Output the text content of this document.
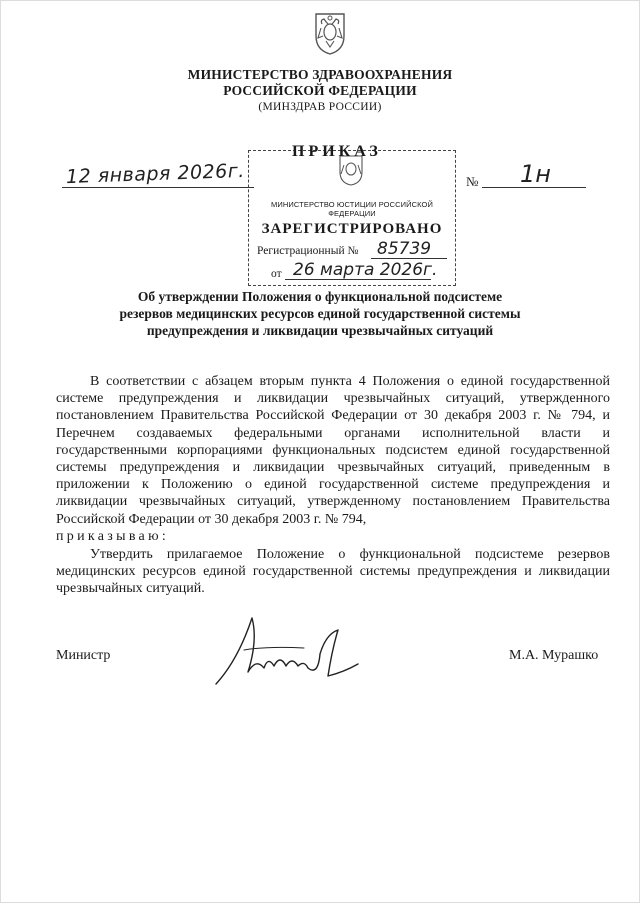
МИНИСТЕРСТВО ЗДРАВООХРАНЕНИЯ
РОССИЙСКОЙ ФЕДЕРАЦИИ
(МИНЗДРАВ РОССИИ)
12 января 2026г.
МИНИСТЕРСТВО ЮСТИЦИИ РОССИЙСКОЙ ФЕДЕРАЦИИ
ЗАРЕГИСТРИРОВАНО
Регистрационный № 85739
от 26 марта 2026г.
ПРИКАЗ
№ 1н
Об утверждении Положения о функциональной подсистеме
резервов медицинских ресурсов единой государственной системы
предупреждения и ликвидации чрезвычайных ситуаций
В соответствии с абзацем вторым пункта 4 Положения о единой государственной системе предупреждения и ликвидации чрезвычайных ситуаций, утвержденного постановлением Правительства Российской Федерации от 30 декабря 2003 г. № 794, и Перечнем создаваемых федеральными органами исполнительной власти и государственными корпорациями функциональных подсистем единой государственной системы предупреждения и ликвидации чрезвычайных ситуаций, приведенным в приложении к Положению о единой государственной системе предупреждения и ликвидации чрезвычайных ситуаций, утвержденному постановлением Правительства Российской Федерации от 30 декабря 2003 г. № 794,
приказываю:
Утвердить прилагаемое Положение о функциональной подсистеме резервов медицинских ресурсов единой государственной системы предупреждения и ликвидации чрезвычайных ситуаций.
Министр	М.А. Мурашко
